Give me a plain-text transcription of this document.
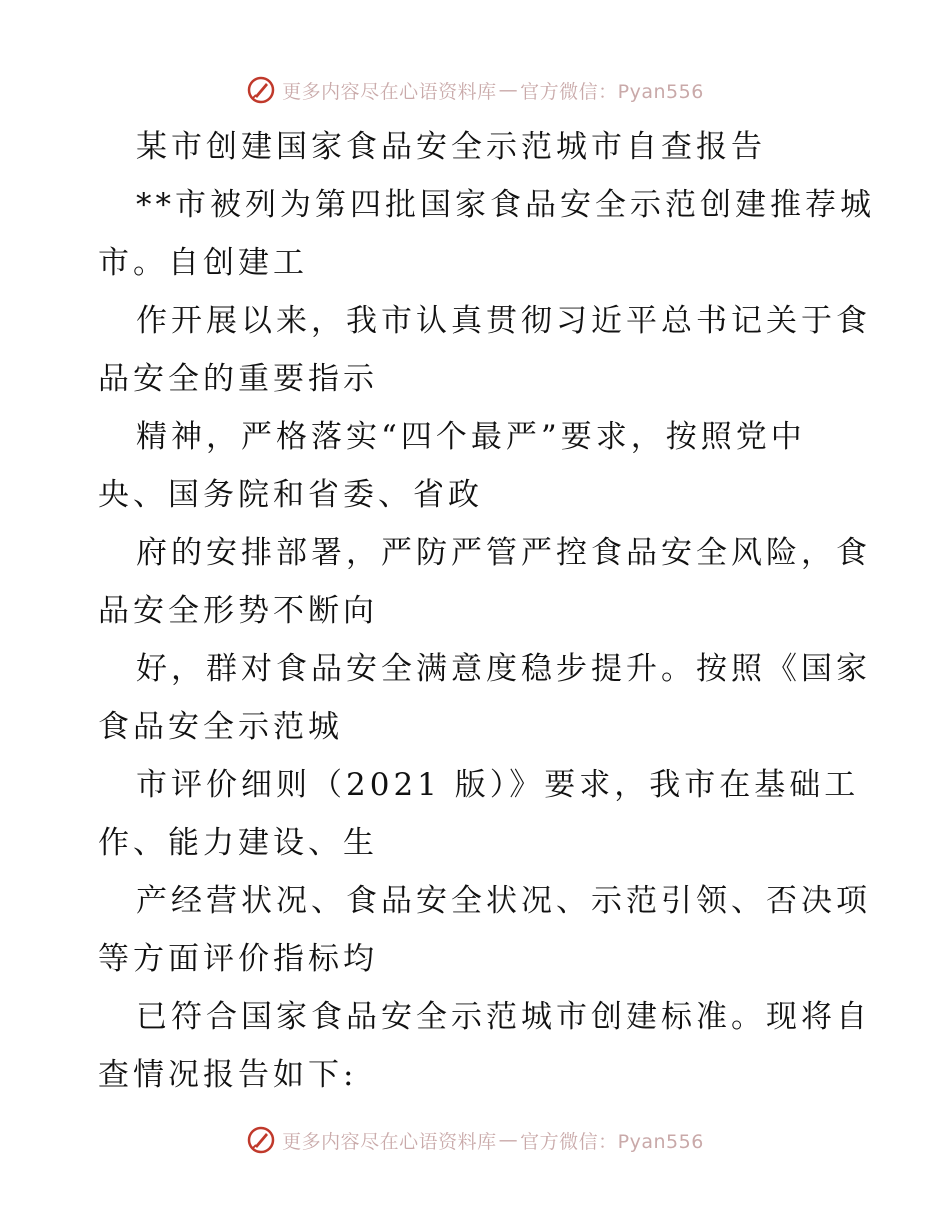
更多内容尽在心语资料库 — 官方微信：Pyan556
某市创建国家食品安全示范城市自查报告
**市被列为第四批国家食品安全示范创建推荐城
市。自创建工
作开展以来，我市认真贯彻习近平总书记关于食
品安全的重要指示
精神，严格落实“四个最严”要求，按照党中
央、国务院和省委、省政
府的安排部署，严防严管严控食品安全风险，食
品安全形势不断向
好，群对食品安全满意度稳步提升。按照《国家
食品安全示范城
市评价细则（2021 版）》要求，我市在基础工
作、能力建设、生
产经营状况、食品安全状况、示范引领、否决项
等方面评价指标均
已符合国家食品安全示范城市创建标准。现将自
查情况报告如下:
更多内容尽在心语资料库 — 官方微信：Pyan556
